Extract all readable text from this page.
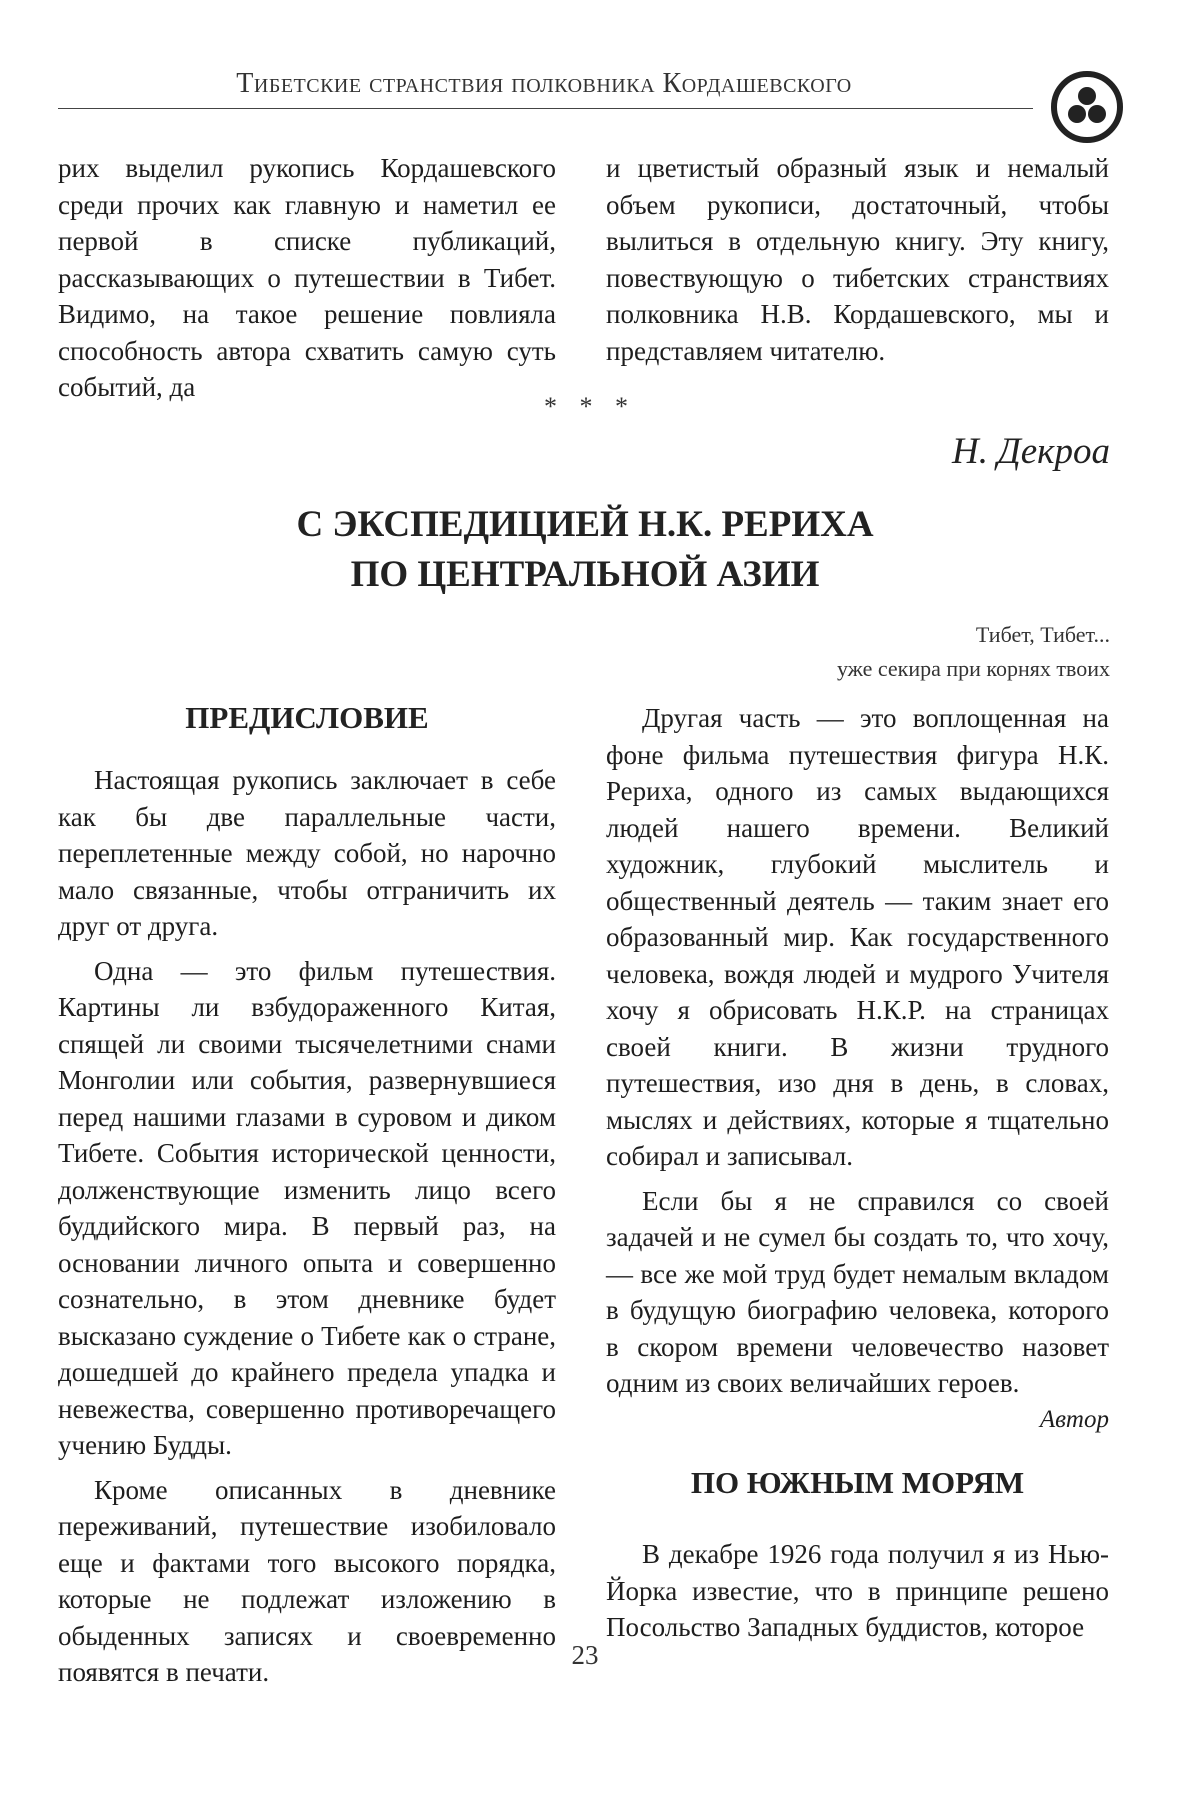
Тибетские странствия полковника Кордашевского

рих выделил рукопись Кордашевского среди прочих как главную и наметил ее первой в списке публикаций, рассказывающих о путешествии в Тибет. Видимо, на такое решение повлияла способность автора схватить самую суть событий, да

и цветистый образный язык и немалый объем рукописи, достаточный, чтобы вылиться в отдельную книгу. Эту книгу, повествующую о тибетских странствиях полковника Н.В. Кордашевского, мы и представляем читателю.

* * *
Н. Декроа
С ЭКСПЕДИЦИЕЙ Н.К. РЕРИХА
ПО ЦЕНТРАЛЬНОЙ АЗИИ
Тибет, Тибет...
уже секира при корнях твоих
ПРЕДИСЛОВИЕ

Настоящая рукопись заключает в себе как бы две параллельные части, переплетенные между собой, но нарочно мало связанные, чтобы отграничить их друг от друга.

Одна — это фильм путешествия. Картины ли взбудораженного Китая, спящей ли своими тысячелетними снами Монголии или события, развернувшиеся перед нашими глазами в суровом и диком Тибете. События исторической ценности, долженствующие изменить лицо всего буддийского мира. В первый раз, на основании личного опыта и совершенно сознательно, в этом дневнике будет высказано суждение о Тибете как о стране, дошедшей до крайнего предела упадка и невежества, совершенно противоречащего учению Будды.

Кроме описанных в дневнике переживаний, путешествие изобиловало еще и фактами того высокого порядка, которые не подлежат изложению в обыденных записях и своевременно появятся в печати.

Другая часть — это воплощенная на фоне фильма путешествия фигура Н.К. Рериха, одного из самых выдающихся людей нашего времени. Великий художник, глубокий мыслитель и общественный деятель — таким знает его образованный мир. Как государственного человека, вождя людей и мудрого Учителя хочу я обрисовать Н.К.Р. на страницах своей книги. В жизни трудного путешествия, изо дня в день, в словах, мыслях и действиях, которые я тщательно собирал и записывал.

Если бы я не справился со своей задачей и не сумел бы создать то, что хочу, — все же мой труд будет немалым вкладом в будущую биографию человека, которого в скором времени человечество назовет одним из своих величайших героев.

Автор

ПО ЮЖНЫМ МОРЯМ

В декабре 1926 года получил я из Нью-Йорка известие, что в принципе решено Посольство Западных буддистов, которое

23
